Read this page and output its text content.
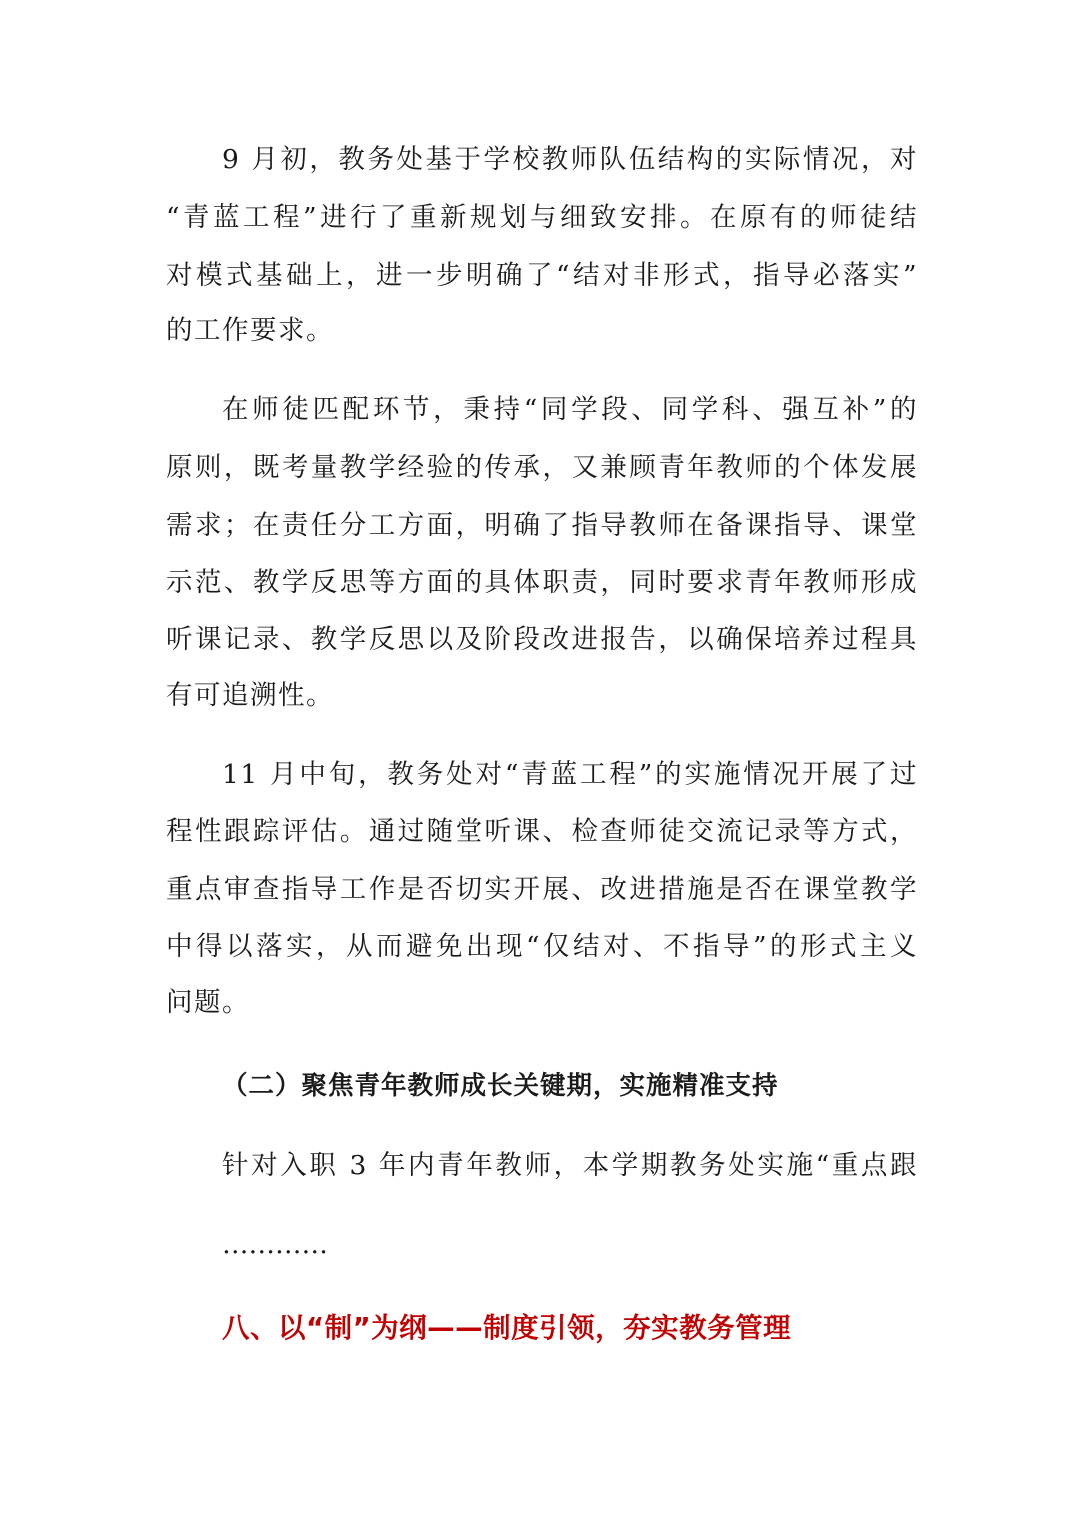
9 月初，教务处基于学校教师队伍结构的实际情况，对
“青蓝工程”进行了重新规划与细致安排。在原有的师徒结
对模式基础上，进一步明确了“结对非形式，指导必落实”
的工作要求。
在师徒匹配环节，秉持“同学段、同学科、强互补”的
原则，既考量教学经验的传承，又兼顾青年教师的个体发展
需求；在责任分工方面，明确了指导教师在备课指导、课堂
示范、教学反思等方面的具体职责，同时要求青年教师形成
听课记录、教学反思以及阶段改进报告，以确保培养过程具
有可追溯性。
11 月中旬，教务处对“青蓝工程”的实施情况开展了过
程性跟踪评估。通过随堂听课、检查师徒交流记录等方式，
重点审查指导工作是否切实开展、改进措施是否在课堂教学
中得以落实，从而避免出现“仅结对、不指导”的形式主义
问题。
（二）聚焦青年教师成长关键期，实施精准支持
针对入职 3 年内青年教师，本学期教务处实施“重点跟
…………
八、以“制”为纲——制度引领，夯实教务管理
